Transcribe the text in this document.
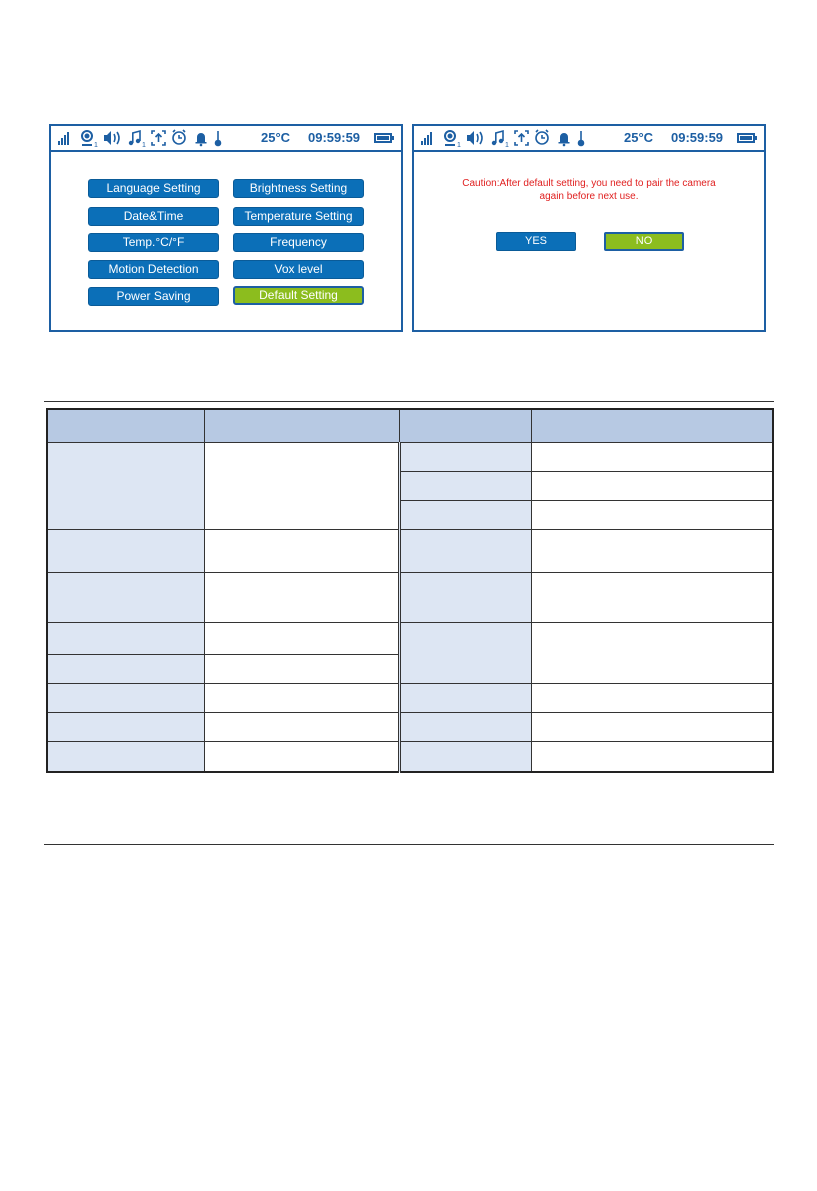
1	1
25°C 09:59:59
Language Setting	Brightness Setting
Date&Time	Temperature Setting
Temp.°C/°F	Frequency
Motion Detection	Vox level
Power Saving	Default Setting
1	1
25°C 09:59:59
Caution:After default setting, you need to pair the camera
again before next use.
YES	NO
